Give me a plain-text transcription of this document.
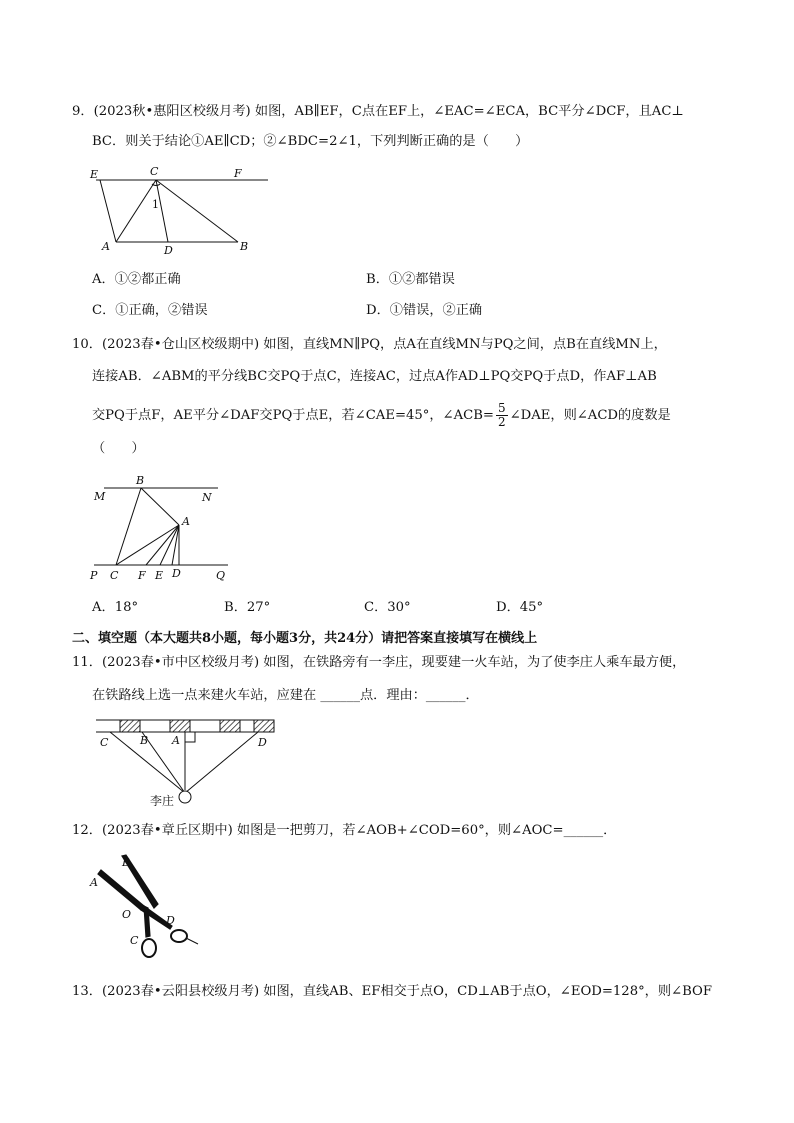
9．(2023秋•惠阳区校级月考) 如图，AB∥EF，C点在EF上，∠EAC=∠ECA，BC平分∠DCF，且AC⊥
BC．则关于结论①AE∥CD；②∠BDC=2∠1，下列判断正确的是（　　）
E	C	F
1
A	D	B
A．①②都正确	B．①②都错误
C．①正确，②错误	D．①错误，②正确
10．(2023春•仓山区校级期中) 如图，直线MN∥PQ，点A在直线MN与PQ之间，点B在直线MN上，
连接AB．∠ABM的平分线BC交PQ于点C，连接AC，过点A作AD⊥PQ交PQ于点D，作AF⊥AB
交PQ于点F，AE平分∠DAF交PQ于点E，若∠CAE=45°，∠ACB= $\frac{5}{2}$ ∠DAE，则∠ACD的度数是
（　　）
B
M	N
A
P C F E D	Q
A．18°	B．27°	C．30°	D．45°
二、填空题（本大题共8小题，每小题3分，共24分）请把答案直接填写在横线上
11．(2023春•市中区校级月考) 如图，在铁路旁有一李庄，现要建一火车站，为了使李庄人乘车最方便，
在铁路线上选一点来建火车站，应建在 ______点．理由：______．
C	B A	D
李庄
12．(2023春•章丘区期中) 如图是一把剪刀，若∠AOB+∠COD=60°，则∠AOC=______．
A
B
O
C
D
13．(2023春•云阳县校级月考) 如图，直线AB、EF相交于点O，CD⊥AB于点O，∠EOD=128°，则∠BOF
